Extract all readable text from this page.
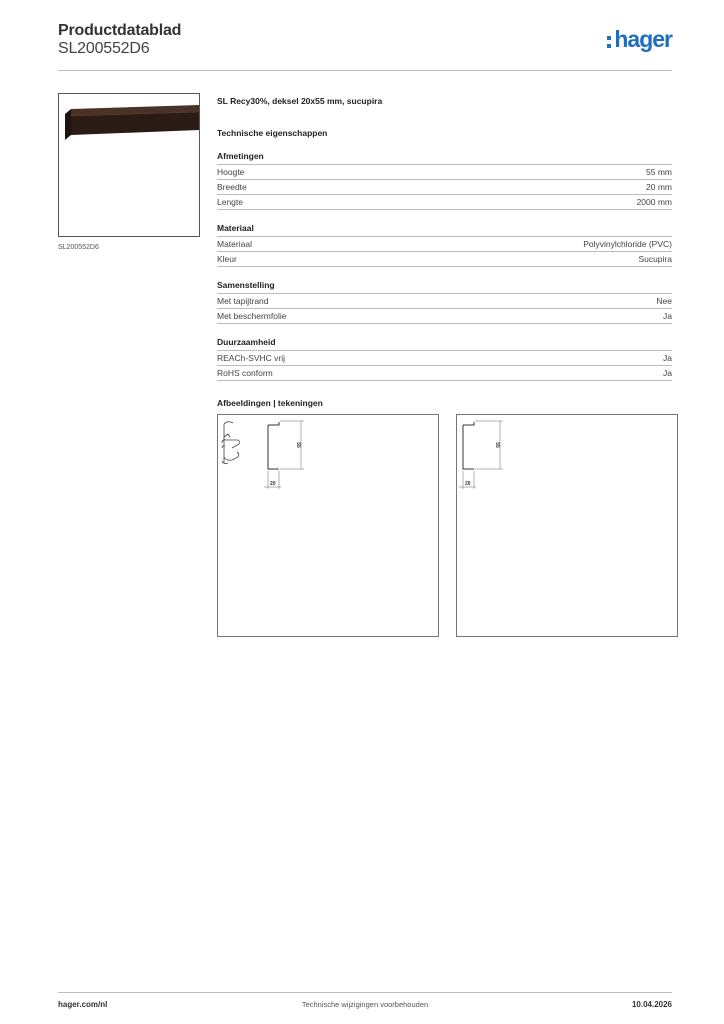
Productdatablad
SL200552D6	hager
SL200552D6
SL Recy30%, deksel 20x55 mm, sucupira
Technische eigenschappen
Afmetingen
Hoogte	55 mm
Breedte	20 mm
Lengte	2000 mm
Materiaal
Materiaal	Polyvinylchloride (PVC)
Kleur	Sucupira
Samenstelling
Met tapijtrand	Nee
Met beschermfolie	Ja
Duurzaamheid
REACh-SVHC vrij	Ja
RoHS conform	Ja
Afbeeldingen | tekeningen
55
20
55
20
hager.com/nl	Technische wijzigingen voorbehouden	10.04.2026
